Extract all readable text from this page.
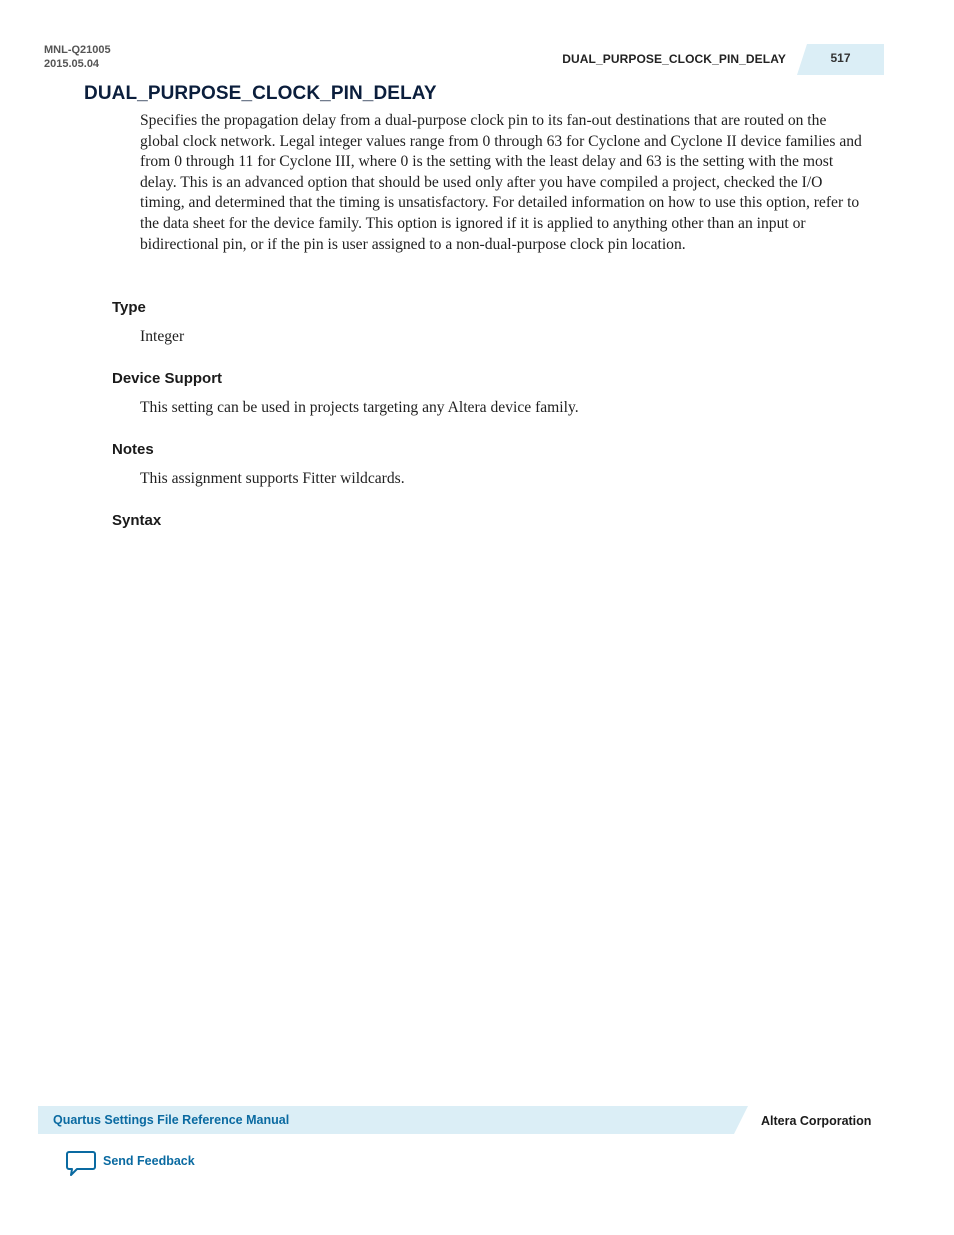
MNL-Q21005
2015.05.04	DUAL_PURPOSE_CLOCK_PIN_DELAY	517
DUAL_PURPOSE_CLOCK_PIN_DELAY

Specifies the propagation delay from a dual-purpose clock pin to its fan-out destinations that are routed on the global clock network. Legal integer values range from 0 through 63 for Cyclone and Cyclone II device families and from 0 through 11 for Cyclone III, where 0 is the setting with the least delay and 63 is the setting with the most delay. This is an advanced option that should be used only after you have compiled a project, checked the I/O timing, and determined that the timing is unsatisfactory. For detailed information on how to use this option, refer to the data sheet for the device family. This option is ignored if it is applied to anything other than an input or bidirectional pin, or if the pin is user assigned to a non-dual-purpose clock pin location.

Type

Integer

Device Support

This setting can be used in projects targeting any Altera device family.

Notes

This assignment supports Fitter wildcards.

Syntax
Quartus Settings File Reference Manual	Altera Corporation
Send Feedback
